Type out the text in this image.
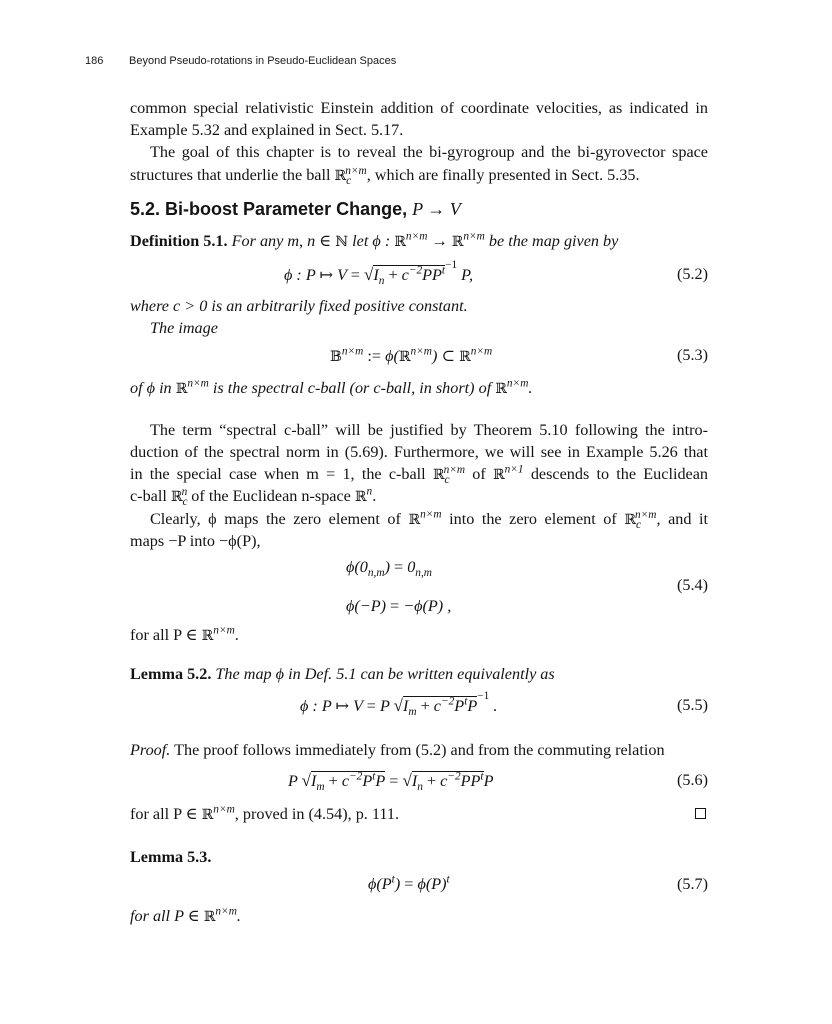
186 Beyond Pseudo-rotations in Pseudo-Euclidean Spaces
common special relativistic Einstein addition of coordinate velocities, as indicated in
Example 5.32 and explained in Sect. 5.17.
The goal of this chapter is to reveal the bi-gyrogroup and the bi-gyrovector space
structures that underlie the ball ℝ$_c^{n\times m}$, which are finally presented in Sect. 5.35.
5.2. Bi-boost Parameter Change, P → V
Definition 5.1. For any m, n ∈ ℕ let ϕ : ℝ$^{n\times m}$ → ℝ$^{n\times m}$ be the map given by
ϕ : P ↦ $V = √I_n + c^{-2}PP^{t-1}$ P,	(5.2)
where c > 0 is an arbitrarily fixed positive constant.
The image
𝔹$^{n\times m}$ := ϕ(ℝ$^{n\times m}$) ⊂ ℝ$^{n\times m}$	(5.3)
of ϕ in ℝ$^{n\times m}$ is the spectral c-ball (or c-ball, in short) of ℝ$^{n\times m}$.
The term “spectral c-ball” will be justified by Theorem 5.10 following the intro-
duction of the spectral norm in (5.69). Furthermore, we will see in Example 5.26 that
in the special case when m = 1, the c-ball ℝ$_c^{n\times m}$ of ℝ$^{n\times 1}$ descends to the Euclidean
c-ball ℝ$_c^n$ of the Euclidean n-space ℝ$^n$.
Clearly, ϕ maps the zero element of ℝ$^{n\times m}$ into the zero element of ℝ$_c^{n\times m}$, and it
maps −P into −ϕ(P),
$\phi(0_{n,m}) = 0_{n,m}$
ϕ(−P) = −ϕ(P) ,
(5.4)
for all P ∈ ℝ$^{n\times m}$.
Lemma 5.2. The map ϕ in Def. 5.1 can be written equivalently as
ϕ : P ↦ V = P $√I_m + c^{-2}P^tP^{-1}$ .	(5.5)
Proof. The proof follows immediately from (5.2) and from the commuting relation
P $√I_m + c^{-2}P^tP = √I_n + c^{-2}PP^tP$	(5.6)
for all P ∈ ℝ$^{n\times m}$, proved in (4.54), p. 111.
Lemma 5.3.
$\phi(P^t) = \phi(P)^t$	(5.7)
for all P ∈ ℝ$^{n\times m}$.
